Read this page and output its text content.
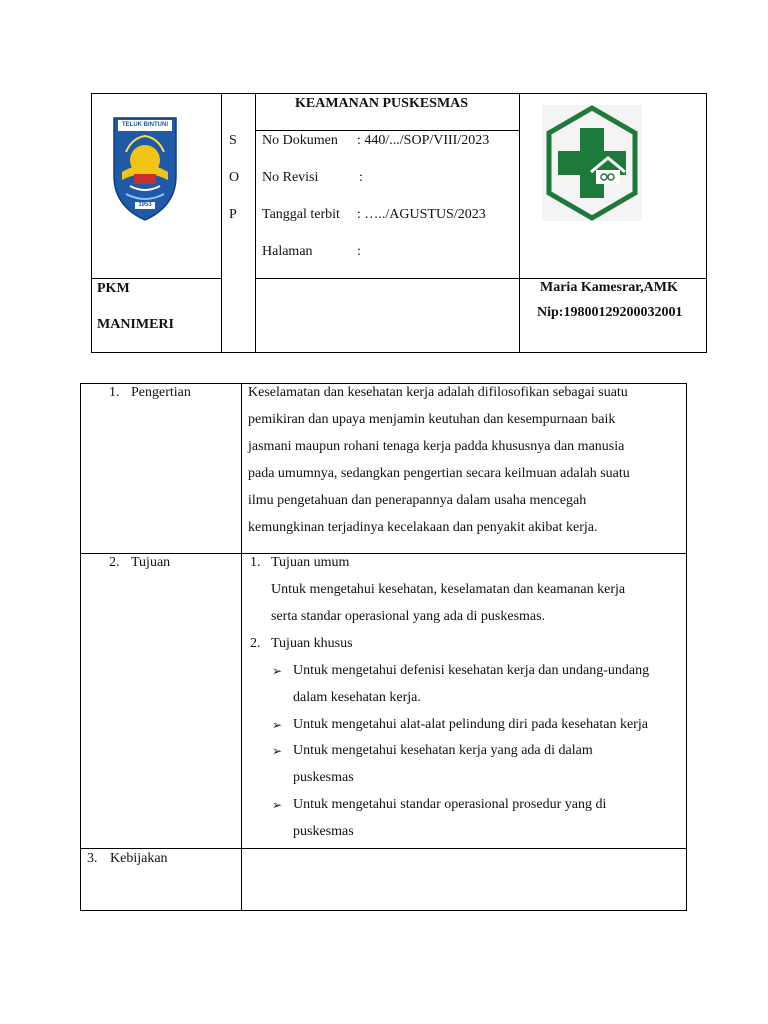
TELUK BINTUNI
1953
S
O
P
KEAMANAN PUSKESMAS
No Dokumen : 440/.../SOP/VIII/2023
No Revisi	:
Tanggal terbit : …../AGUSTUS/2023
Halaman	:
PKM
MANIMERI
Maria Kamesrar,AMK
Nip:19800129200032001
1. Pengertian	Keselamatan dan kesehatan kerja adalah difilosofikan sebagai suatu
pemikiran dan upaya menjamin keutuhan dan kesempurnaan baik
jasmani maupun rohani tenaga kerja padda khususnya dan manusia
pada umumnya, sedangkan pengertian secara keilmuan adalah suatu
ilmu pengetahuan dan penerapannya dalam usaha mencegah
kemungkinan terjadinya kecelakaan dan penyakit akibat kerja.
2. Tujuan	1. Tujuan umum
Untuk mengetahui kesehatan, keselamatan dan keamanan kerja
serta standar operasional yang ada di puskesmas.
2. Tujuan khusus
➢ Untuk mengetahui defenisi kesehatan kerja dan undang-undang
dalam kesehatan kerja.
➢ Untuk mengetahui alat-alat pelindung diri pada kesehatan kerja
➢ Untuk mengetahui kesehatan kerja yang ada di dalam
puskesmas
➢ Untuk mengetahui standar operasional prosedur yang di
puskesmas
3. Kebijakan
